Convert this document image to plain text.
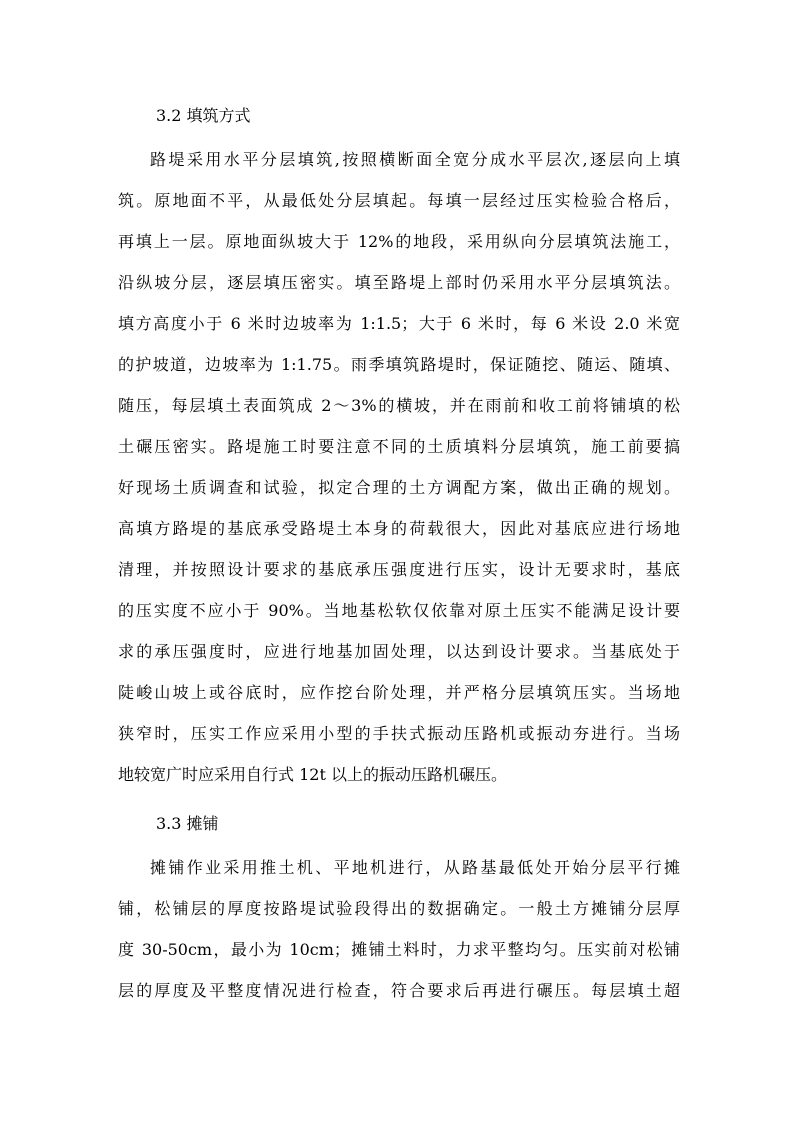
3.2 填筑方式
路堤采用水平分层填筑,按照横断面全宽分成水平层次,逐层向上填
筑。原地面不平，从最低处分层填起。每填一层经过压实检验合格后，
再填上一层。原地面纵坡大于 12%的地段，采用纵向分层填筑法施工，
沿纵坡分层，逐层填压密实。填至路堤上部时仍采用水平分层填筑法。
填方高度小于 6 米时边坡率为 1:1.5；大于 6 米时，每 6 米设 2.0 米宽
的护坡道，边坡率为 1:1.75。雨季填筑路堤时，保证随挖、随运、随填、
随压，每层填土表面筑成 2～3%的横坡，并在雨前和收工前将铺填的松
土碾压密实。路堤施工时要注意不同的土质填料分层填筑，施工前要搞
好现场土质调查和试验，拟定合理的土方调配方案，做出正确的规划。
高填方路堤的基底承受路堤土本身的荷载很大，因此对基底应进行场地
清理，并按照设计要求的基底承压强度进行压实，设计无要求时，基底
的压实度不应小于 90%。当地基松软仅依靠对原土压实不能满足设计要
求的承压强度时，应进行地基加固处理，以达到设计要求。当基底处于
陡峻山坡上或谷底时，应作挖台阶处理，并严格分层填筑压实。当场地
狭窄时，压实工作应采用小型的手扶式振动压路机或振动夯进行。当场
地较宽广时应采用自行式 12t 以上的振动压路机碾压。
3.3 摊铺
摊铺作业采用推土机、平地机进行，从路基最低处开始分层平行摊
铺，松铺层的厚度按路堤试验段得出的数据确定。一般土方摊铺分层厚
度 30-50cm，最小为 10cm；摊铺土料时，力求平整均匀。压实前对松铺
层的厚度及平整度情况进行检查，符合要求后再进行碾压。每层填土超
